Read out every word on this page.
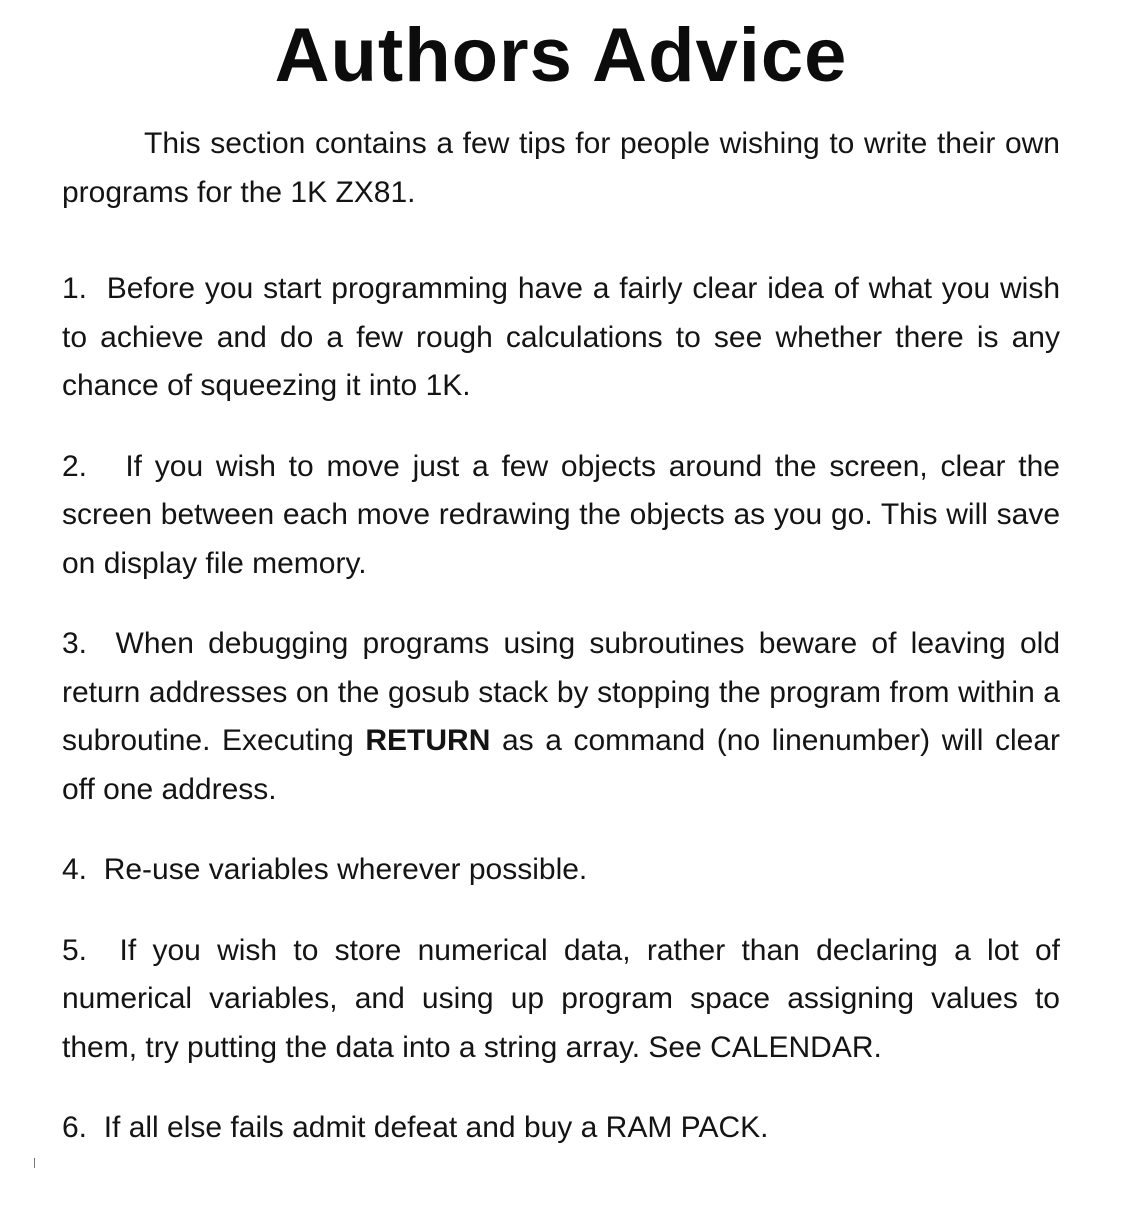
Authors Advice

This section contains a few tips for people wishing to write their own programs for the 1K ZX81.

1. Before you start programming have a fairly clear idea of what you wish to achieve and do a few rough calculations to see whether there is any chance of squeezing it into 1K.

2. If you wish to move just a few objects around the screen, clear the screen between each move redrawing the objects as you go. This will save on display file memory.

3. When debugging programs using subroutines beware of leaving old return addresses on the gosub stack by stopping the program from within a subroutine. Executing RETURN as a command (no linenumber) will clear off one address.

4. Re-use variables wherever possible.

5. If you wish to store numerical data, rather than declaring a lot of numerical variables, and using up program space assigning values to them, try putting the data into a string array. See CALENDAR.

6. If all else fails admit defeat and buy a RAM PACK.
